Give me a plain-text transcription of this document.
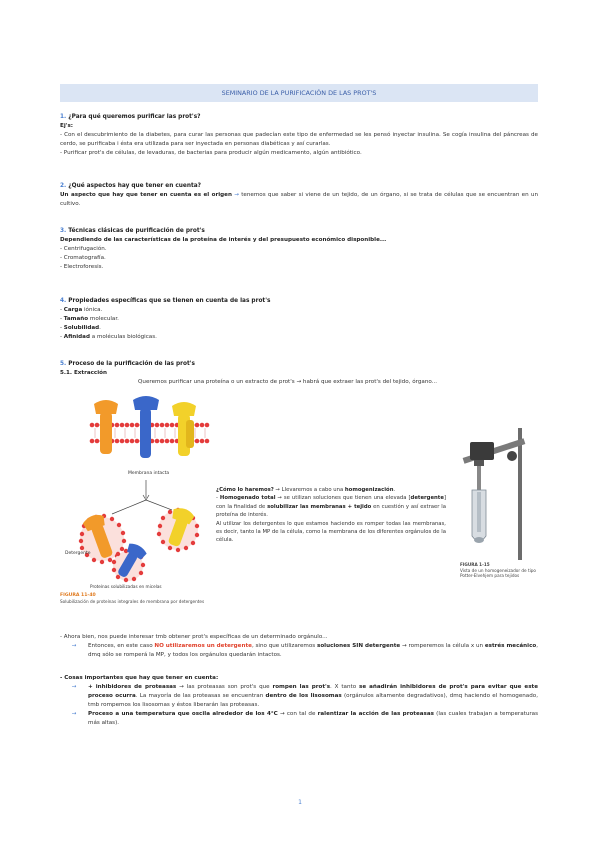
SEMINARIO DE LA PURIFICACIÓN DE LAS PROT'S
1. ¿Para qué queremos purificar las prot's?
Ej's:
- Con el descubrimiento de la diabetes, para curar las personas que padecían este tipo de enfermedad se les pensó inyectar insulina. Se cogía insulina del páncreas de cerdo, se purificaba i ésta era utilizada para ser inyectada en personas diabéticas y así curarlas.
- Purificar prot's de células, de levaduras, de bacterias para producir algún medicamento, algún antibiótico.
2. ¿Qué aspectos hay que tener en cuenta?
Un aspecto que hay que tener en cuenta es el origen → tenemos que saber si viene de un tejido, de un órgano, si se trata de células que se encuentran en un cultivo.
3. Técnicas clásicas de purificación de prot's
Dependiendo de las características de la proteína de interés y del presupuesto económico disponible...
- Centrifugación.
- Cromatografía.
- Electroforesis.
4. Propiedades específicas que se tienen en cuenta de las prot's
- Carga iónica.
- Tamaño molecular.
- Solubilidad.
- Afinidad a moléculas biológicas.
5. Proceso de la purificación de las prot's
5.1. Extracción
Queremos purificar una proteína o un extracto de prot's → habrá que extraer las prot's del tejido, órgano...
Membrana intacta
Detergente
Proteínas solubilizadas en micelas
FIGURA 11-40
Solubilización de proteínas integrales de membrana por detergentes
¿Cómo lo haremos? → Llevaremos a cabo una homogenización.
- Homogenado total → se utilizan soluciones que tienen una elevada [detergente] con la finalidad de solubilizar las membranas + tejido en cuestión y así extraer la proteína de interés.
Al utilizar los detergentes lo que estamos haciendo es romper todas las membranas, es decir, tanto la MP de la célula, como la membrana de los diferentes orgánulos de la célula.
FIGURA 1-15
Vista de un homogeneizador de tipo Potter-Elvehjem para tejidos
- Ahora bien, nos puede interesar tmb obtener prot's específicas de un determinado orgánulo...
→	Entonces, en este caso NO utilizaremos un detergente, sino que utilizaremos soluciones SIN detergente → romperemos la célula x un estrés mecánico, dmq sólo se romperá la MP, y todos los orgánulos quedarán intactos.
- Cosas importantes que hay que tener en cuenta:
→	+ inhibidores de proteasas → las proteasas son prot's que rompen las prot's. X tanto se añadirán inhibidores de prot's para evitar que este proceso ocurra. La mayoría de las proteasas se encuentran dentro de los lisosomas (orgánulos altamente degradativos), dmq haciendo el homogenado, tmb rompemos los lisosomas y éstos liberarán las proteasas.
→	Proceso a una temperatura que oscila alrededor de los 4°C → con tal de ralentizar la acción de las proteasas (las cuales trabajan a temperaturas más altas).
1
